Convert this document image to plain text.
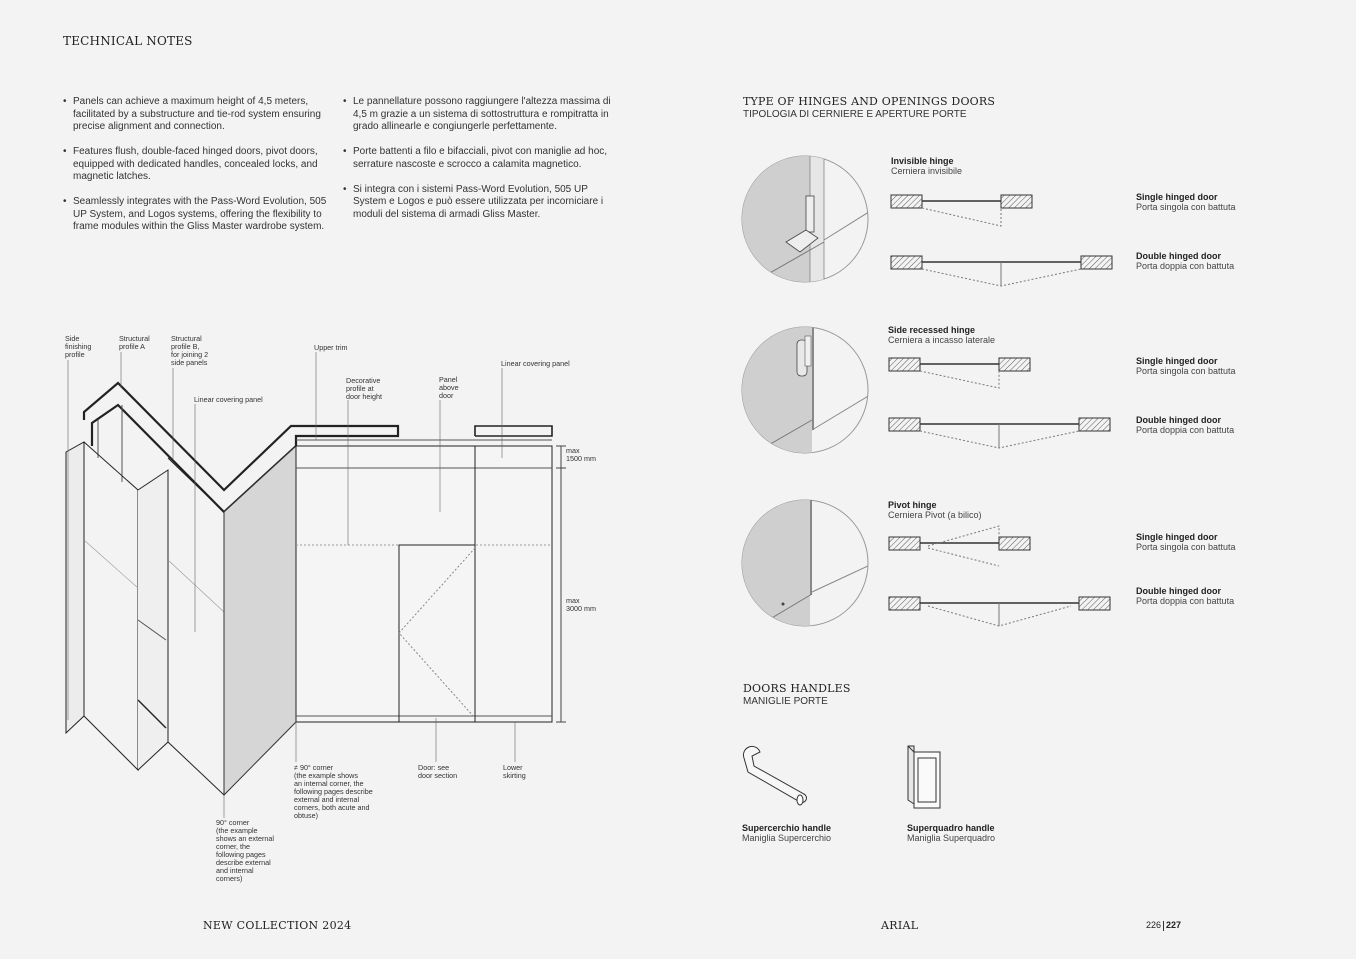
TECHNICAL NOTES
• Panels can achieve a maximum height of 4,5 meters, facilitated by a substructure and tie-rod system ensuring precise alignment and connection.
• Features flush, double-faced hinged doors, pivot doors, equipped with dedicated handles, concealed locks, and magnetic latches.
• Seamlessly integrates with the Pass-Word Evolution, 505 UP System, and Logos systems, offering the flexibility to frame modules within the Gliss Master wardrobe system.
• Le pannellature possono raggiungere l'altezza massima di 4,5 m grazie a un sistema di sottostruttura e rompitratta in grado allinearle e congiungerle perfettamente.
• Porte battenti a filo e bifacciali, pivot con maniglie ad hoc, serrature nascoste e scrocco a calamita magnetico.
• Si integra con i sistemi Pass-Word Evolution, 505 UP System e Logos e può essere utilizzata per incorniciare i moduli del sistema di armadi Gliss Master.
Side
finishing
profile
Structural
profile A
Structural
profile B,
for joining 2
side panels
Upper trim
Linear covering panel
Linear covering panel
Decorative
profile at
door height
Panel
above
door
max
1500 mm
max
3000 mm
≠ 90° corner
(the example shows
an internal corner, the
following pages describe
external and internal
corners, both acute and
obtuse)
Door: see
door section
Lower
skirting
90° corner
(the example
shows an external
corner, the
following pages
describe external
and internal
corners)
TYPE OF HINGES AND OPENINGS DOORS
TIPOLOGIA DI CERNIERE E APERTURE PORTE
Invisible hinge
Cerniera invisibile
Single hinged door
Porta singola con battuta
Double hinged door
Porta doppia con battuta
Side recessed hinge
Cerniera a incasso laterale
Single hinged door
Porta singola con battuta
Double hinged door
Porta doppia con battuta
Pivot hinge
Cerniera Pivot (a bilico)
Single hinged door
Porta singola con battuta
Double hinged door
Porta doppia con battuta
DOORS HANDLES
MANIGLIE PORTE
Supercerchio handle
Maniglia Supercerchio
Superquadro handle
Maniglia Superquadro
NEW COLLECTION 2024	ARIAL	226 227
